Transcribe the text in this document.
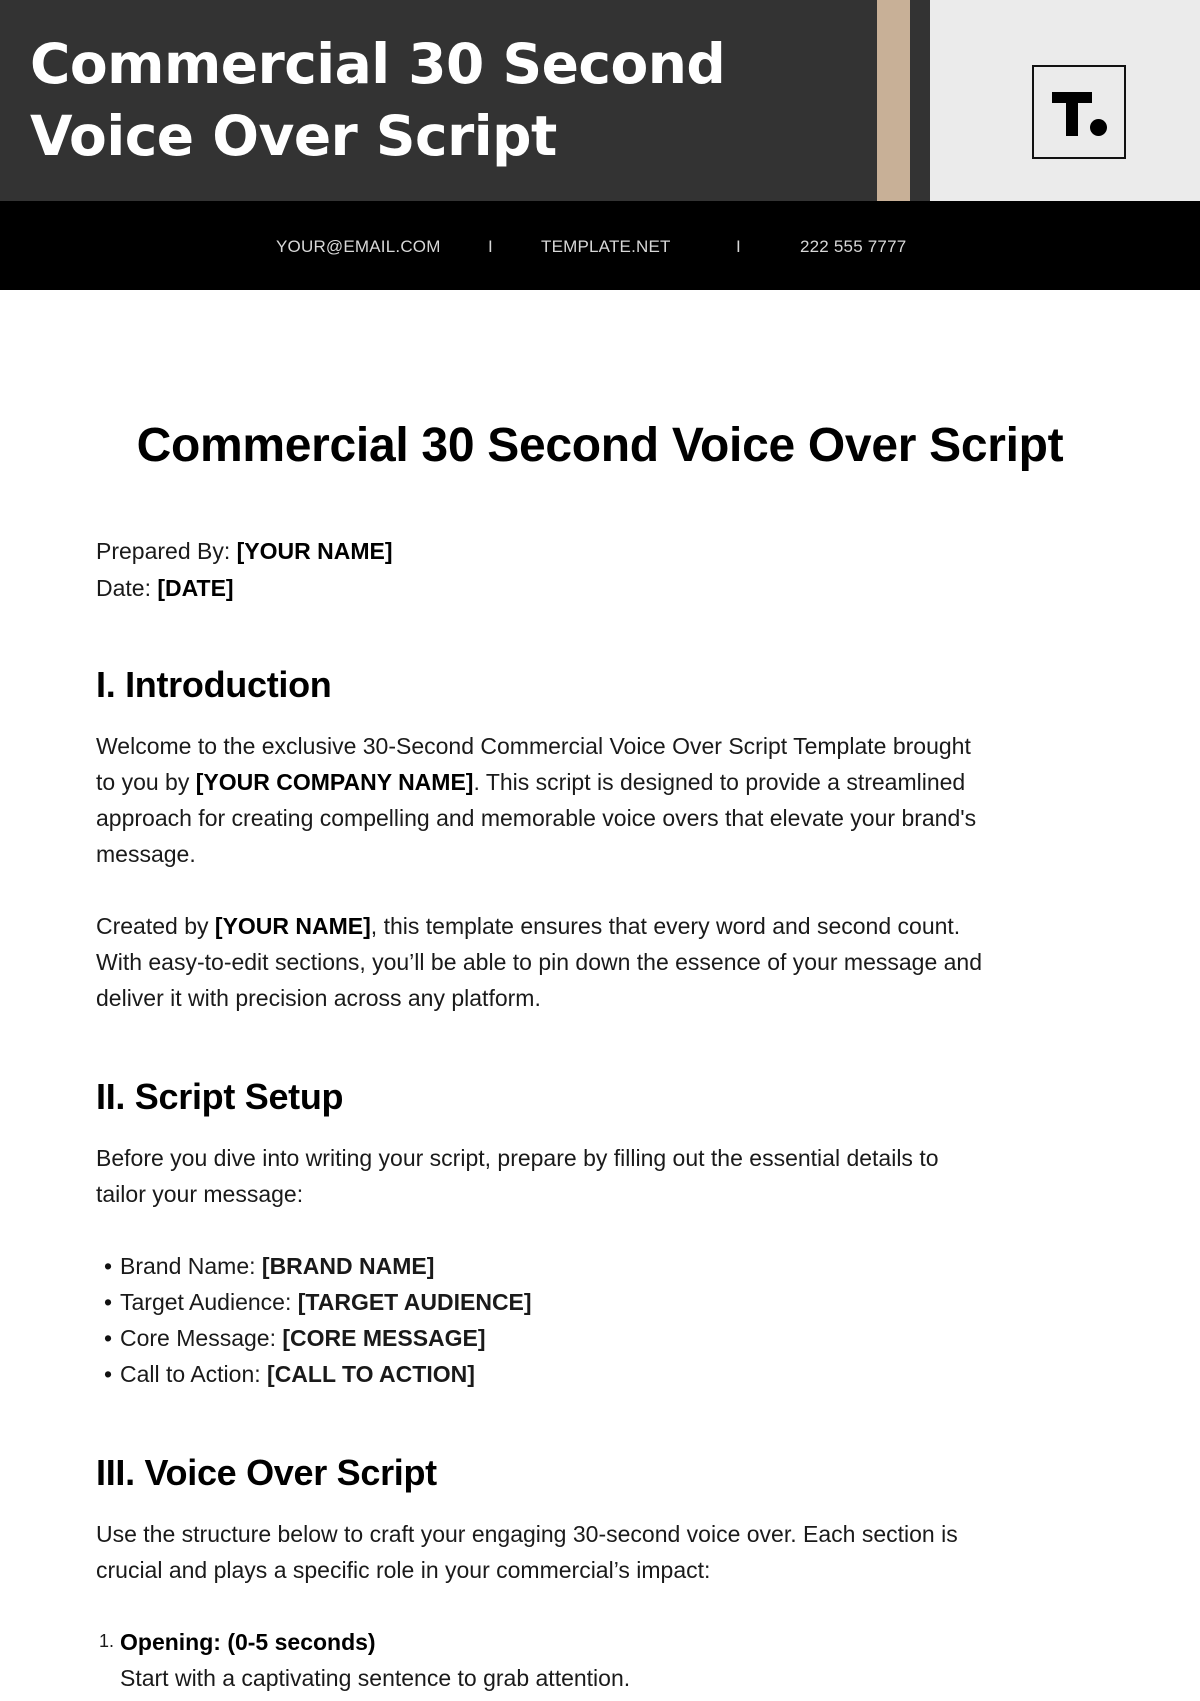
Commercial 30 Second
Voice Over Script
YOUR@EMAIL.COM	I	TEMPLATE.NET	I	222 555 7777
Commercial 30 Second Voice Over Script
Prepared By: [YOUR NAME]
Date: [DATE]
I. Introduction
Welcome to the exclusive 30-Second Commercial Voice Over Script Template brought
to you by [YOUR COMPANY NAME]. This script is designed to provide a streamlined
approach for creating compelling and memorable voice overs that elevate your brand's
message.
Created by [YOUR NAME], this template ensures that every word and second count.
With easy-to-edit sections, you’ll be able to pin down the essence of your message and
deliver it with precision across any platform.
II. Script Setup
Before you dive into writing your script, prepare by filling out the essential details to
tailor your message:
• Brand Name: [BRAND NAME]
• Target Audience: [TARGET AUDIENCE]
• Core Message: [CORE MESSAGE]
• Call to Action: [CALL TO ACTION]
III. Voice Over Script
Use the structure below to craft your engaging 30-second voice over. Each section is
crucial and plays a specific role in your commercial’s impact:
1. Opening: (0-5 seconds)
Start with a captivating sentence to grab attention.
